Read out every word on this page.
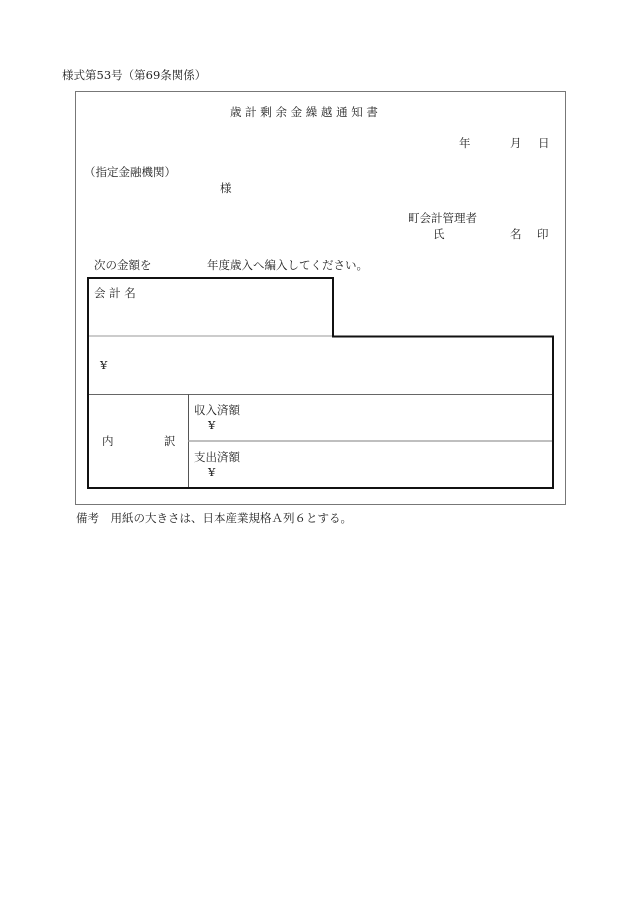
様式第53号（第69条関係）
歳 計 剰 余 金 繰 越 通 知 書
年	月 日
（指定金融機関）
様
町会計管理者
氏	名 印
次の金額を	年度歳入へ編入してください。
会 計 名
¥
内	訳
収入済額
¥
支出済額
¥
備考　用紙の大きさは、日本産業規格Ａ列６とする。
